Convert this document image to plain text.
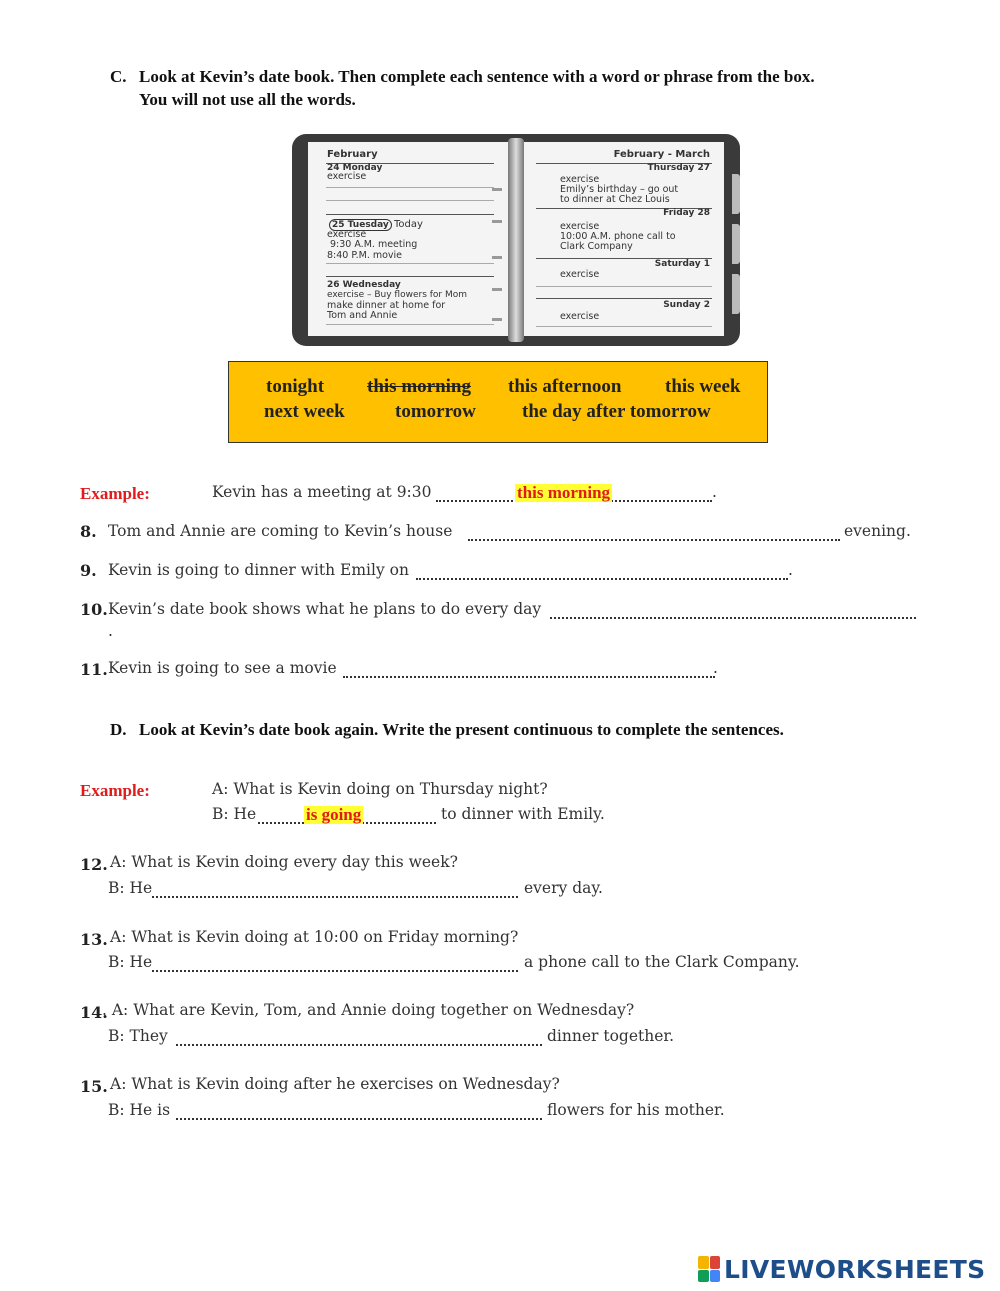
C. Look at Kevin’s date book. Then complete each sentence with a word or phrase from the box.
You will not use all the words.
February
24 Monday
exercise
25 Tuesday Today
exercise
9:30 A.M. meeting
8:40 P.M. movie
26 Wednesday
exercise – Buy flowers for Mom
make dinner at home for
Tom and Annie
February - March
Thursday 27
exercise
Emily’s birthday – go out
to dinner at Chez Louis
Friday 28
exercise
10:00 A.M. phone call to
Clark Company
Saturday 1
exercise
Sunday 2
exercise
tonight this morning this afternoon this week
next week	tomorrow the day after tomorrow
Example:	Kevin has a meeting at 9:30	this morning	.
8. Tom and Annie are coming to Kevin’s house	evening.
9. Kevin is going to dinner with Emily on	.
10. Kevin’s date book shows what he plans to do every day
.
11. Kevin is going to see a movie	.
D. Look at Kevin’s date book again. Write the present continuous to complete the sentences.
Example:	A: What is Kevin doing on Thursday night?
B: He	is going	to dinner with Emily.
12. A: What is Kevin doing every day this week?
B: He	every day.
13. A: What is Kevin doing at 10:00 on Friday morning?
B: He	a phone call to the Clark Company.
14.
. A: What are Kevin, Tom, and Annie doing together on Wednesday?
B: They	dinner together.
15. A: What is Kevin doing after he exercises on Wednesday?
B: He is	flowers for his mother.
LIVEWORKSHEETS
